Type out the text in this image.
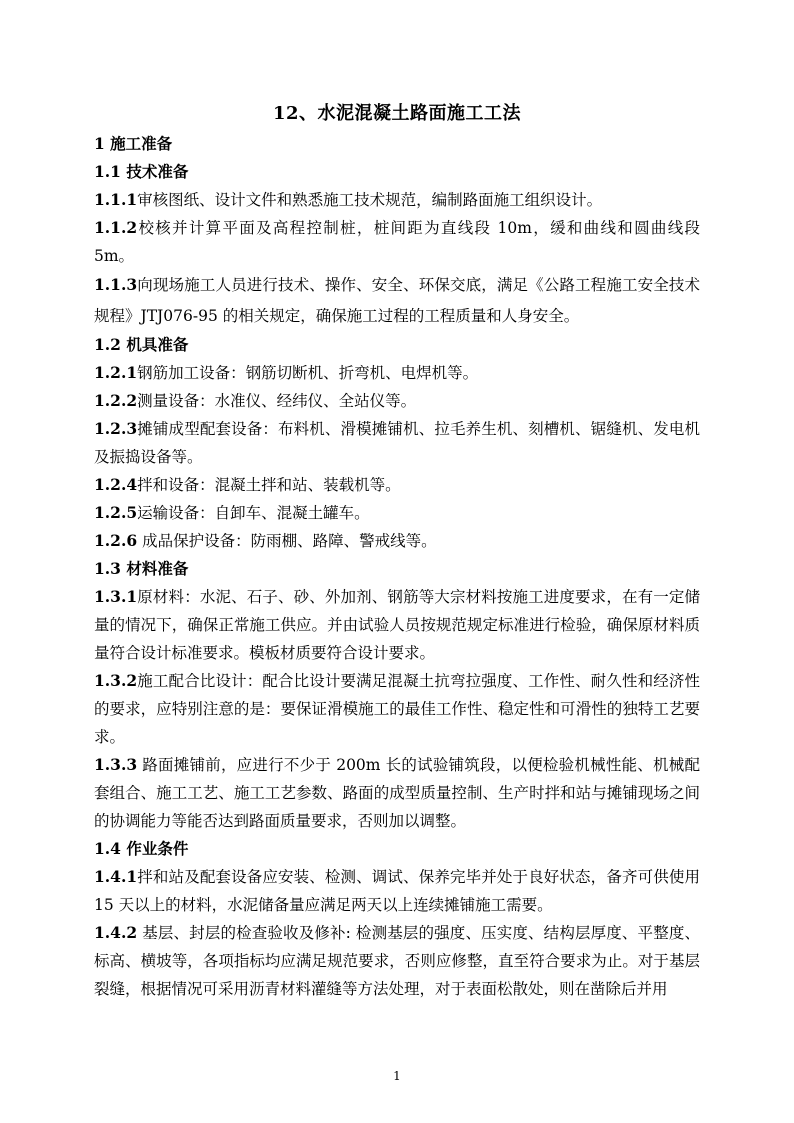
12、水泥混凝土路面施工工法

1 施工准备

1.1 技术准备

1.1.1审核图纸、设计文件和熟悉施工技术规范，编制路面施工组织设计。

1.1.2校核并计算平面及高程控制桩，桩间距为直线段 10m，缓和曲线和圆曲线段 5m。

1.1.3向现场施工人员进行技术、操作、安全、环保交底，满足《公路工程施工安全技术规程》JTJ076-95 的相关规定，确保施工过程的工程质量和人身安全。

1.2 机具准备

1.2.1钢筋加工设备：钢筋切断机、折弯机、电焊机等。

1.2.2测量设备：水准仪、经纬仪、全站仪等。

1.2.3摊铺成型配套设备：布料机、滑模摊铺机、拉毛养生机、刻槽机、锯缝机、发电机及振捣设备等。

1.2.4拌和设备：混凝土拌和站、装载机等。

1.2.5运输设备：自卸车、混凝土罐车。

1.2.6 成品保护设备：防雨棚、路障、警戒线等。

1.3 材料准备

1.3.1原材料：水泥、石子、砂、外加剂、钢筋等大宗材料按施工进度要求，在有一定储量的情况下，确保正常施工供应。并由试验人员按规范规定标准进行检验，确保原材料质量符合设计标准要求。模板材质要符合设计要求。

1.3.2施工配合比设计：配合比设计要满足混凝土抗弯拉强度、工作性、耐久性和经济性的要求，应特别注意的是：要保证滑模施工的最佳工作性、稳定性和可滑性的独特工艺要求。

1.3.3 路面摊铺前，应进行不少于 200m 长的试验铺筑段，以便检验机械性能、机械配套组合、施工工艺、施工工艺参数、路面的成型质量控制、生产时拌和站与摊铺现场之间的协调能力等能否达到路面质量要求，否则加以调整。

1.4 作业条件

1.4.1拌和站及配套设备应安装、检测、调试、保养完毕并处于良好状态，备齐可供使用 15 天以上的材料，水泥储备量应满足两天以上连续摊铺施工需要。

1.4.2 基层、封层的检查验收及修补: 检测基层的强度、压实度、结构层厚度、平整度、标高、横坡等，各项指标均应满足规范要求，否则应修整，直至符合要求为止。对于基层裂缝，根据情况可采用沥青材料灌缝等方法处理，对于表面松散处，则在凿除后并用

1
